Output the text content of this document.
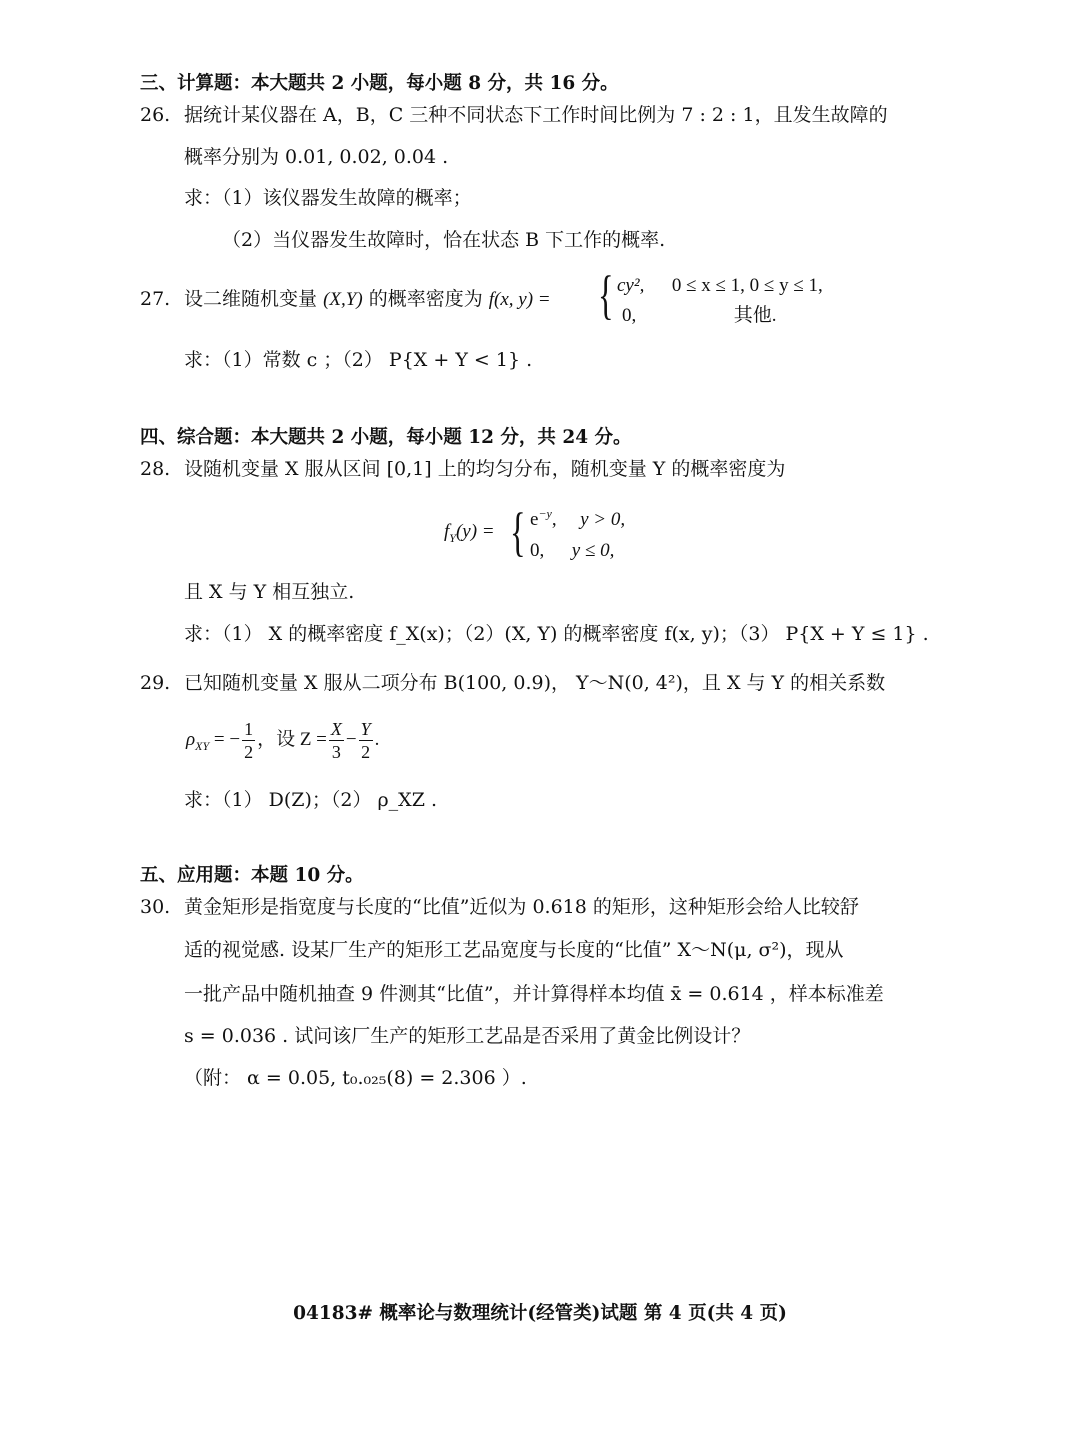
三、计算题：本大题共 2 小题，每小题 8 分，共 16 分。
26. 据统计某仪器在 A，B，C 三种不同状态下工作时间比例为 7 : 2 : 1，且发生故障的
概率分别为 0.01, 0.02, 0.04 .
求：（1）该仪器发生故障的概率；
（2）当仪器发生故障时，恰在状态 B 下工作的概率.
27. 设二维随机变量 (X,Y) 的概率密度为 f(x, y) = { cy², 0 ≤ x ≤ 1, 0 ≤ y ≤ 1,
0,	其他.
求：（1）常数 c ；（2） P{X + Y < 1} .
四、综合题：本大题共 2 小题，每小题 12 分，共 24 分。
28. 设随机变量 X 服从区间 [0,1] 上的均匀分布，随机变量 Y 的概率密度为
$f_Y(y)$ = { $e^{-y}$, y > 0,
0, y ≤ 0,
且 X 与 Y 相互独立.
求：（1） X 的概率密度 f_X(x)；（2）(X, Y) 的概率密度 f(x, y)；（3） P{X + Y ≤ 1} .
29. 已知随机变量 X 服从二项分布 B(100, 0.9)， Y～N(0, 4²)，且 X 与 Y 的相关系数
$\rho_{XY}$ = − $\frac{1}{2}$ ，设 $Z = \frac{X}{3} - \frac{Y}{2}$ .
求：（1） D(Z)；（2） ρ_XZ .
五、应用题：本题 10 分。
30. 黄金矩形是指宽度与长度的“比值”近似为 0.618 的矩形，这种矩形会给人比较舒
适的视觉感. 设某厂生产的矩形工艺品宽度与长度的“比值” X～N(μ, σ²)，现从
一批产品中随机抽查 9 件测其“比值”，并计算得样本均值 x̄ = 0.614 ，样本标准差
s = 0.036 . 试问该厂生产的矩形工艺品是否采用了黄金比例设计？
（附： α = 0.05, t₀.₀₂₅(8) = 2.306 ）.
04183# 概率论与数理统计(经管类)试题 第 4 页(共 4 页)
